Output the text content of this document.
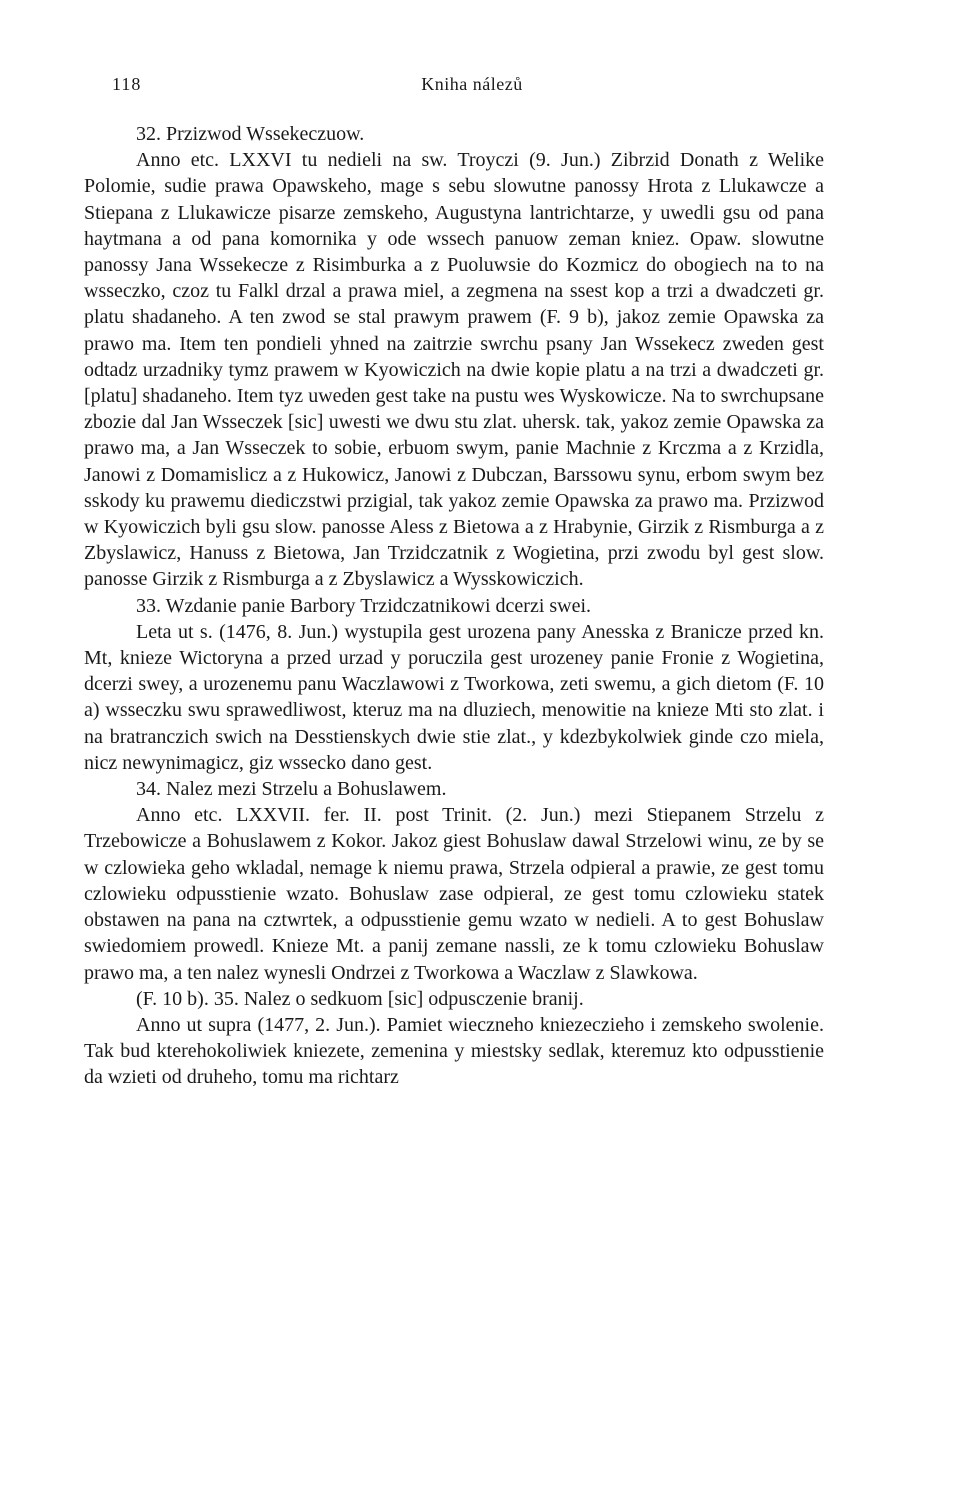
118	Kniha nálezů

32. Przizwod Wssekeczuow.

Anno etc. LXXVI tu nedieli na sw. Troyczi (9. Jun.) Zibrzid Donath z Welike Polomie, sudie prawa Opawskeho, mage s sebu slowutne panossy Hrota z Llukawcze a Stiepana z Llukawicze pisarze zemskeho, Augustyna lantrichtarze, y uwedli gsu od pana haytmana a od pana komornika y ode wssech panuow zeman kniez. Opaw. slowutne panossy Jana Wssekecze z Risimburka a z Puoluwsie do Kozmicz do obogiech na to na wsseczko, czoz tu Falkl drzal a prawa miel, a zegmena na ssest kop a trzi a dwadczeti gr. platu shadaneho. A ten zwod se stal prawym prawem (F. 9 b), jakoz zemie Opawska za prawo ma. Item ten pondieli yhned na zaitrzie swrchu psany Jan Wssekecz zweden gest odtadz urzadniky tymz prawem w Kyowiczich na dwie kopie platu a na trzi a dwadczeti gr. [platu] shadaneho. Item tyz uweden gest take na pustu wes Wyskowicze. Na to swrchupsane zbozie dal Jan Wsseczek [sic] uwesti we dwu stu zlat. uhersk. tak, yakoz zemie Opawska za prawo ma, a Jan Wsseczek to sobie, erbuom swym, panie Machnie z Krczma a z Krzidla, Janowi z Domamislicz a z Hukowicz, Janowi z Dubczan, Barssowu synu, erbom swym bez sskody ku prawemu diediczstwi przigial, tak yakoz zemie Opawska za prawo ma. Przizwod w Kyowiczich byli gsu slow. panosse Aless z Bietowa a z Hrabynie, Girzik z Rismburga a z Zbyslawicz, Hanuss z Bietowa, Jan Trzidczatnik z Wogietina, przi zwodu byl gest slow. panosse Girzik z Rismburga a z Zbyslawicz a Wysskowiczich.

33. Wzdanie panie Barbory Trzidczatnikowi dcerzi swei.

Leta ut s. (1476, 8. Jun.) wystupila gest urozena pany Anesska z Branicze przed kn. Mt, knieze Wictoryna a przed urzad y poruczila gest urozeney panie Fronie z Wogietina, dcerzi swey, a urozenemu panu Waczlawowi z Tworkowa, zeti swemu, a gich dietom (F. 10 a) wsseczku swu sprawedliwost, kteruz ma na dluziech, menowitie na knieze Mti sto zlat. i na bratranczich swich na Desstienskych dwie stie zlat., y kdezbykolwiek ginde czo miela, nicz newynimagicz, giz wssecko dano gest.

34. Nalez mezi Strzelu a Bohuslawem.

Anno etc. LXXVII. fer. II. post Trinit. (2. Jun.) mezi Stiepanem Strzelu z Trzebowicze a Bohuslawem z Kokor. Jakoz giest Bohuslaw dawal Strzelowi winu, ze by se w czlowieka geho wkladal, nemage k niemu prawa, Strzela odpieral a prawie, ze gest tomu czlowieku odpusstienie wzato. Bohuslaw zase odpieral, ze gest tomu czlowieku statek obstawen na pana na cztwrtek, a odpusstienie gemu wzato w nedieli. A to gest Bohuslaw swiedomiem prowedl. Knieze Mt. a panij zemane nassli, ze k tomu czlowieku Bohuslaw prawo ma, a ten nalez wynesli Ondrzei z Tworkowa a Waczlaw z Slawkowa.

(F. 10 b). 35. Nalez o sedkuom [sic] odpusczenie branij.

Anno ut supra (1477, 2. Jun.). Pamiet wieczneho kniezeczieho i zemskeho swolenie. Tak bud kterehokoliwiek kniezete, zemenina y miestsky sedlak, kteremuz kto odpusstienie da wzieti od druheho, tomu ma richtarz
